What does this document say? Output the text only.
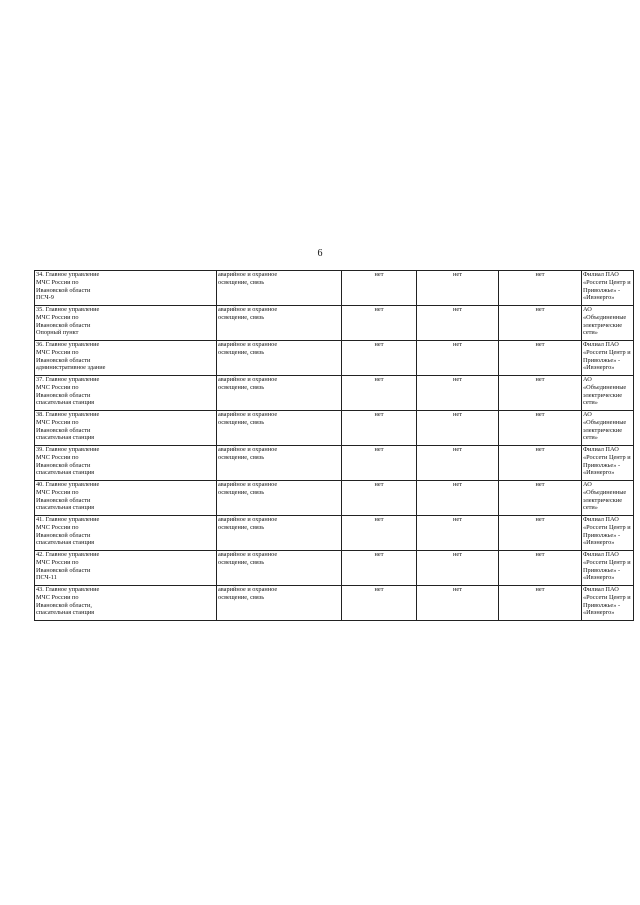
6
34. Главное управление
МЧС России по
Ивановской области
ПСЧ-9	аварийное и охранное
освещение, связь	нет	нет	нет	Филиал ПАО
«Россети Центр и
Приволжье» -
«Ивэнерго»

35. Главное управление
МЧС России по
Ивановской области
Опорный пункт	аварийное и охранное
освещение, связь	нет	нет	нет	АО
«Объединенные
электрические
сети»

36. Главное управление
МЧС России по
Ивановской области
административное здание	аварийное и охранное
освещение, связь	нет	нет	нет	Филиал ПАО
«Россети Центр и
Приволжье» -
«Ивэнерго»

37. Главное управление
МЧС России по
Ивановской области
спасательная станция	аварийное и охранное
освещение, связь	нет	нет	нет	АО
«Объединенные
электрические
сети»

38. Главное управление
МЧС России по
Ивановской области
спасательная станция	аварийное и охранное
освещение, связь	нет	нет	нет	АО
«Объединенные
электрические
сети»

39. Главное управление
МЧС России по
Ивановской области
спасательная станция	аварийное и охранное
освещение, связь	нет	нет	нет	Филиал ПАО
«Россети Центр и
Приволжье» -
«Ивэнерго»

40. Главное управление
МЧС России по
Ивановской области
спасательная станция	аварийное и охранное
освещение, связь	нет	нет	нет	АО
«Объединенные
электрические
сети»

41. Главное управление
МЧС России по
Ивановской области
спасательная станция	аварийное и охранное
освещение, связь	нет	нет	нет	Филиал ПАО
«Россети Центр и
Приволжье» -
«Ивэнерго»

42. Главное управление
МЧС России по
Ивановской области
ПСЧ-11	аварийное и охранное
освещение, связь	нет	нет	нет	Филиал ПАО
«Россети Центр и
Приволжье» -
«Ивэнерго»

43. Главное управление
МЧС России по
Ивановской области,
спасательная станция	аварийное и охранное
освещение, связь	нет	нет	нет	Филиал ПАО
«Россети Центр и
Приволжье» -
«Ивэнерго»
